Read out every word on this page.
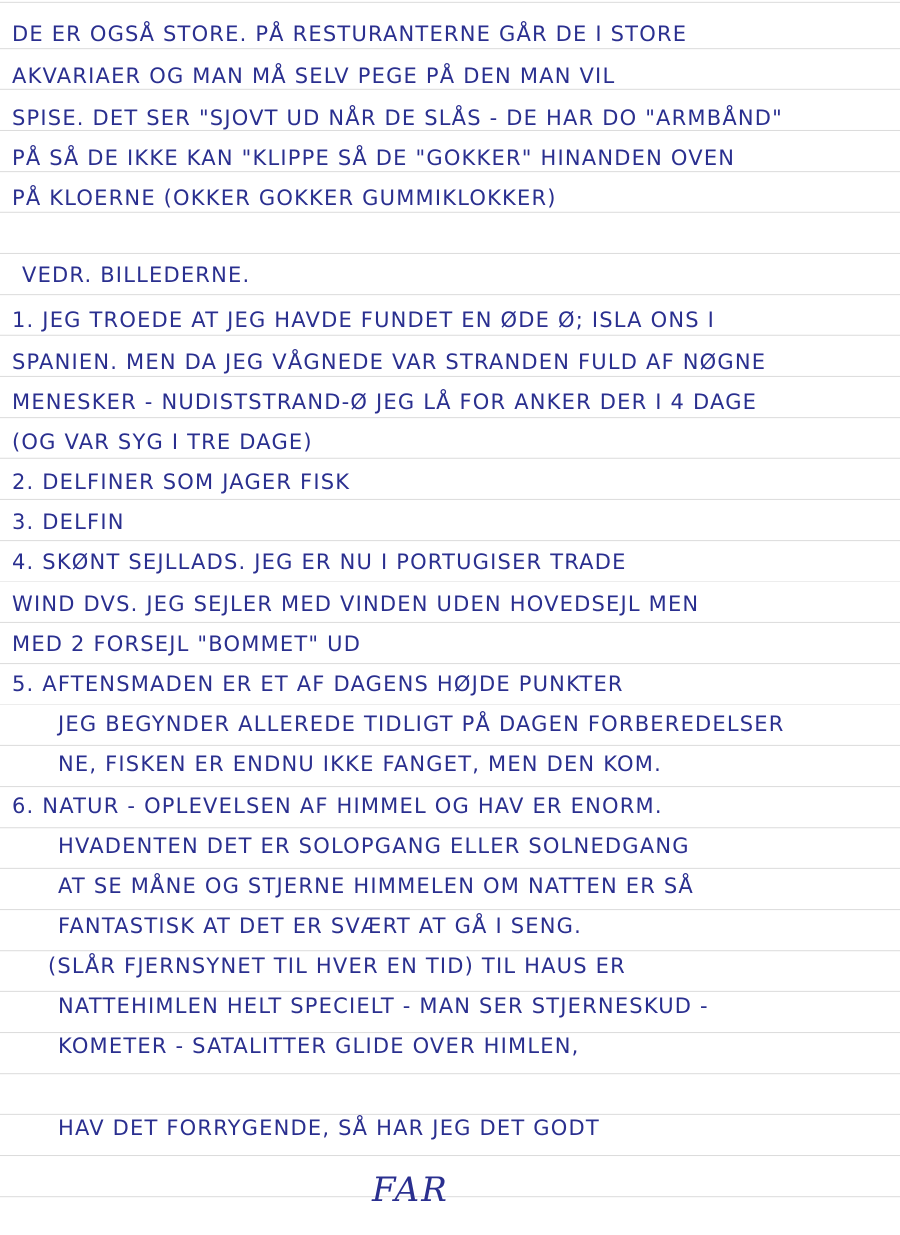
DE ER OGSÅ STORE. PÅ RESTURANTERNE GÅR DE I STORE
AKVARIAER OG MAN MÅ SELV PEGE PÅ DEN MAN VIL
SPISE. DET SER "SJOVT UD NÅR DE SLÅS - DE HAR DO "ARMBÅND"
PÅ SÅ DE IKKE KAN "KLIPPE SÅ DE "GOKKER" HINANDEN OVEN
PÅ KLOERNE (OKKER GOKKER GUMMIKLOKKER)
VEDR. BILLEDERNE.
1. JEG TROEDE AT JEG HAVDE FUNDET EN ØDE Ø; ISLA ONS I
SPANIEN. MEN DA JEG VÅGNEDE VAR STRANDEN FULD AF NØGNE
MENESKER - NUDISTSTRAND-Ø JEG LÅ FOR ANKER DER I 4 DAGE
(OG VAR SYG I TRE DAGE)
2. DELFINER SOM JAGER FISK
3. DELFIN
4. SKØNT SEJLLADS. JEG ER NU I PORTUGISER TRADE
WIND DVS. JEG SEJLER MED VINDEN UDEN HOVEDSEJL MEN
MED 2 FORSEJL "BOMMET" UD
5. AFTENSMADEN ER ET AF DAGENS HØJDE PUNKTER
JEG BEGYNDER ALLEREDE TIDLIGT PÅ DAGEN FORBEREDELSER
NE, FISKEN ER ENDNU IKKE FANGET, MEN DEN KOM.
6. NATUR - OPLEVELSEN AF HIMMEL OG HAV ER ENORM.
HVADENTEN DET ER SOLOPGANG ELLER SOLNEDGANG
AT SE MÅNE OG STJERNE HIMMELEN OM NATTEN ER SÅ
FANTASTISK AT DET ER SVÆRT AT GÅ I SENG.
(SLÅR FJERNSYNET TIL HVER EN TID) TIL HAUS ER
NATTEHIMLEN HELT SPECIELT - MAN SER STJERNESKUD -
KOMETER - SATALITTER GLIDE OVER HIMLEN,
HAV DET FORRYGENDE, SÅ HAR JEG DET GODT
FAR
